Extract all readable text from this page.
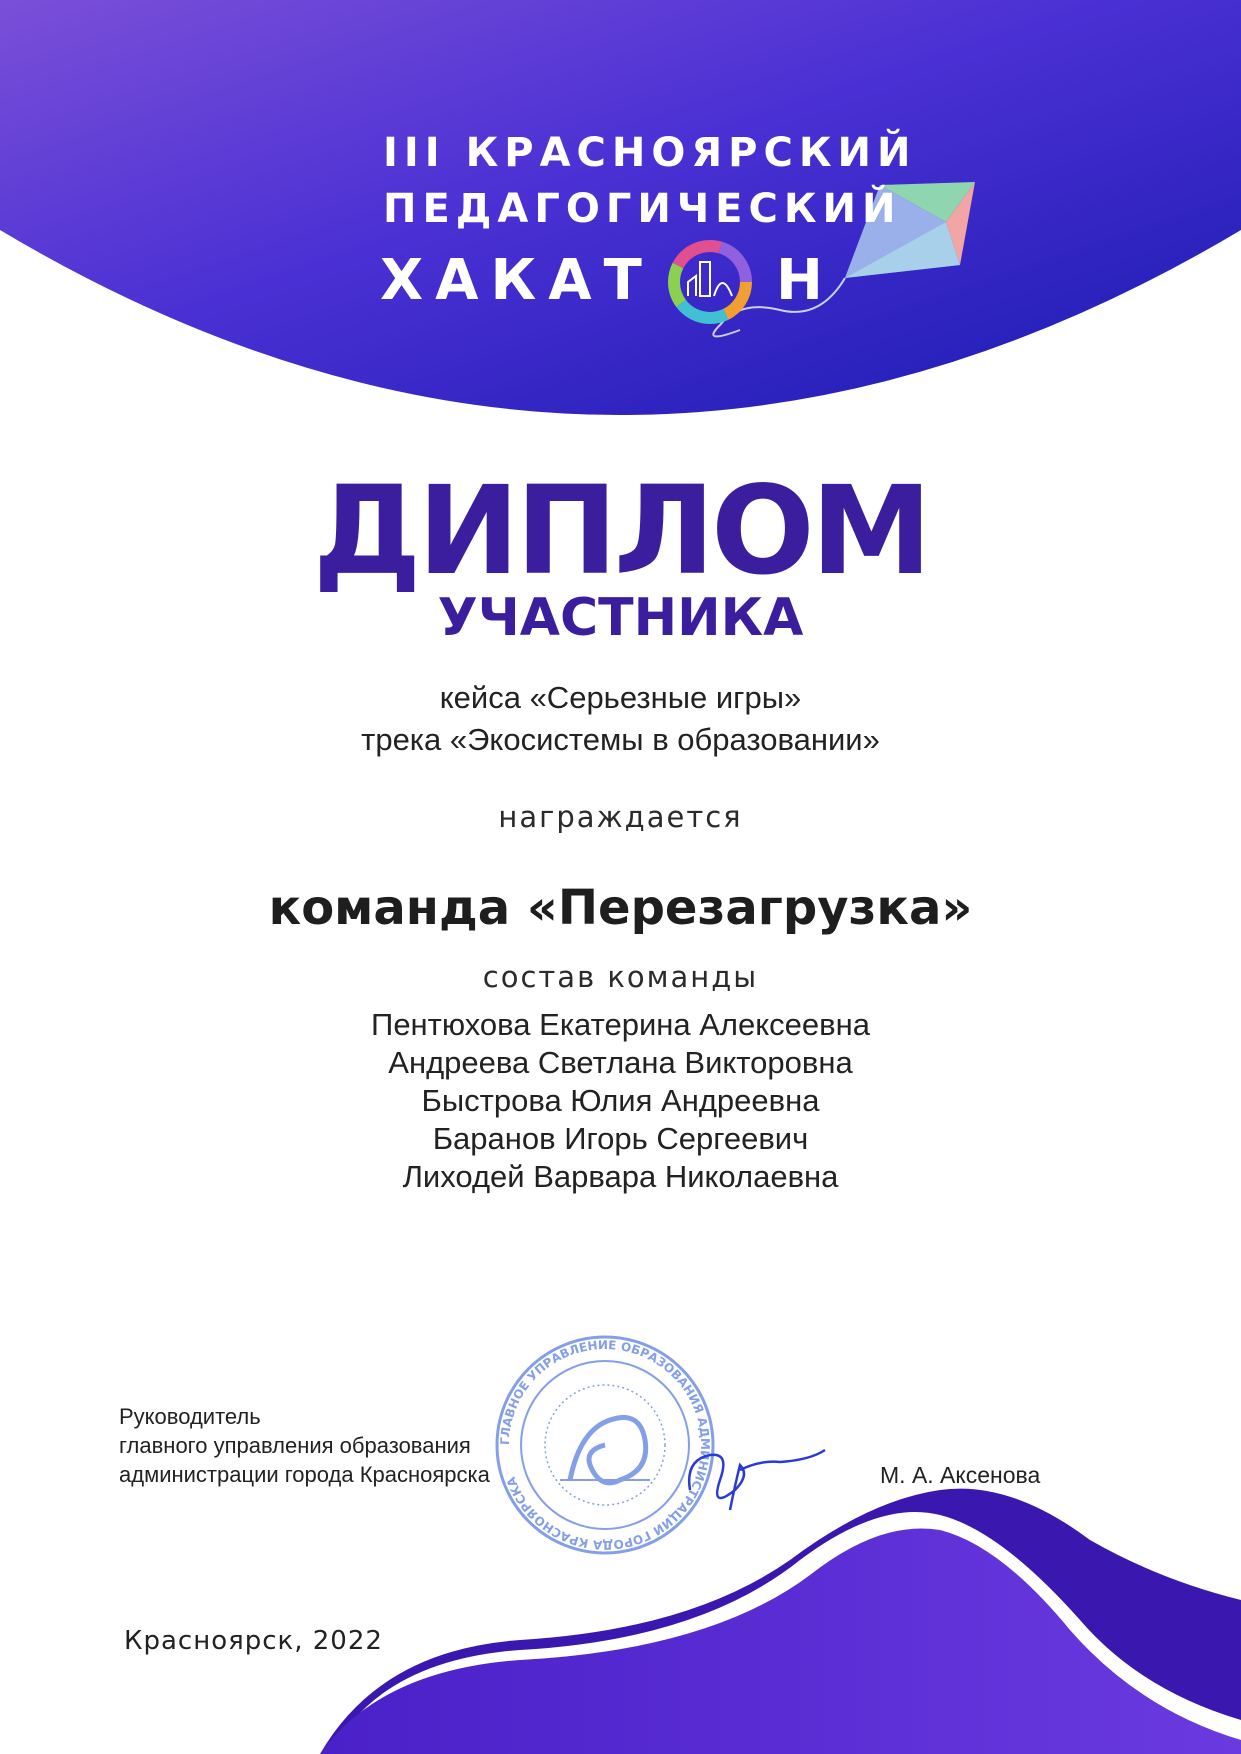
III КРАСНОЯРСКИЙ
ПЕДАГОГИЧЕСКИЙ
ХАКАТ Н
ДИПЛОМ
УЧАСТНИКА
кейса «Серьезные игры»
трека «Экосистемы в образовании»
награждается
команда «Перезагрузка»
состав команды
Пентюхова Екатерина Алексеевна
Андреева Светлана Викторовна
Быстрова Юлия Андреевна
Баранов Игорь Сергеевич
Лиходей Варвара Николаевна
ГЛАВНОЕ УПРАВЛЕНИЕ ОБРАЗОВАНИЯ АДМИНИСТРАЦИИ ГОРОДА КРАСНОЯРСКА
Руководитель
главного управления образования
администрации города Красноярска	М. А. Аксенова
Красноярск, 2022
